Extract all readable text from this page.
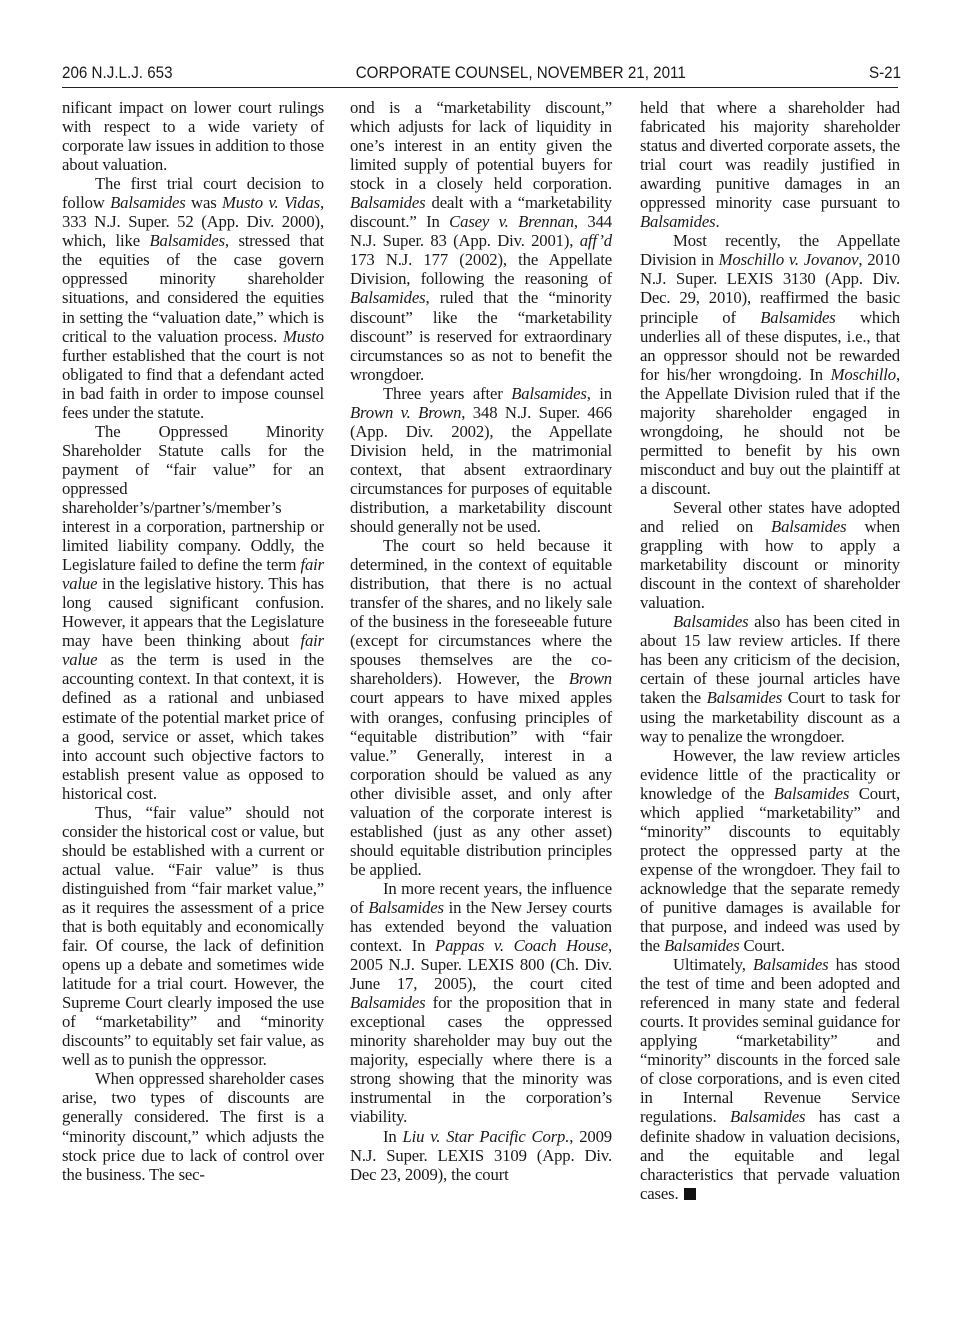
206 N.J.L.J. 653	CORPORATE COUNSEL, NOVEMBER 21, 2011	S-21

nificant impact on lower court rulings with respect to a wide variety of corporate law issues in addition to those about valuation.

The first trial court decision to follow Balsamides was Musto v. Vidas, 333 N.J. Super. 52 (App. Div. 2000), which, like Balsamides, stressed that the equities of the case govern oppressed minority shareholder situations, and considered the equities in setting the “valuation date,” which is critical to the valuation process. Musto further established that the court is not obligated to find that a defendant acted in bad faith in order to impose counsel fees under the statute.

The Oppressed Minority Shareholder Statute calls for the payment of “fair value” for an oppressed shareholder’s/partner’s/member’s interest in a corporation, partnership or limited liability company. Oddly, the Legislature failed to define the term fair value in the legislative history. This has long caused significant confusion. However, it appears that the Legislature may have been thinking about fair value as the term is used in the accounting context. In that context, it is defined as a rational and unbiased estimate of the potential market price of a good, service or asset, which takes into account such objective factors to establish present value as opposed to historical cost.

Thus, “fair value” should not consider the historical cost or value, but should be established with a current or actual value. “Fair value” is thus distinguished from “fair market value,” as it requires the assessment of a price that is both equitably and economically fair. Of course, the lack of definition opens up a debate and sometimes wide latitude for a trial court. However, the Supreme Court clearly imposed the use of “marketability” and “minority discounts” to equitably set fair value, as well as to punish the oppressor.

When oppressed shareholder cases arise, two types of discounts are generally considered. The first is a “minority discount,” which adjusts the stock price due to lack of control over the business. The sec-

ond is a “marketability discount,” which adjusts for lack of liquidity in one’s interest in an entity given the limited supply of potential buyers for stock in a closely held corporation. Balsamides dealt with a “marketability discount.” In Casey v. Brennan, 344 N.J. Super. 83 (App. Div. 2001), aff’d 173 N.J. 177 (2002), the Appellate Division, following the reasoning of Balsamides, ruled that the “minority discount” like the “marketability discount” is reserved for extraordinary circumstances so as not to benefit the wrongdoer.

Three years after Balsamides, in Brown v. Brown, 348 N.J. Super. 466 (App. Div. 2002), the Appellate Division held, in the matrimonial context, that absent extraordinary circumstances for purposes of equitable distribution, a marketability discount should generally not be used.

The court so held because it determined, in the context of equitable distribution, that there is no actual transfer of the shares, and no likely sale of the business in the foreseeable future (except for circumstances where the spouses themselves are the co-shareholders). However, the Brown court appears to have mixed apples with oranges, confusing principles of “equitable distribution” with “fair value.” Generally, interest in a corporation should be valued as any other divisible asset, and only after valuation of the corporate interest is established (just as any other asset) should equitable distribution principles be applied.

In more recent years, the influence of Balsamides in the New Jersey courts has extended beyond the valuation context. In Pappas v. Coach House, 2005 N.J. Super. LEXIS 800 (Ch. Div. June 17, 2005), the court cited Balsamides for the proposition that in exceptional cases the oppressed minority shareholder may buy out the majority, especially where there is a strong showing that the minority was instrumental in the corporation’s viability.

In Liu v. Star Pacific Corp., 2009 N.J. Super. LEXIS 3109 (App. Div. Dec 23, 2009), the court

held that where a shareholder had fabricated his majority shareholder status and diverted corporate assets, the trial court was readily justified in awarding punitive damages in an oppressed minority case pursuant to Balsamides.

Most recently, the Appellate Division in Moschillo v. Jovanov, 2010 N.J. Super. LEXIS 3130 (App. Div. Dec. 29, 2010), reaffirmed the basic principle of Balsamides which underlies all of these disputes, i.e., that an oppressor should not be rewarded for his/her wrongdoing. In Moschillo, the Appellate Division ruled that if the majority shareholder engaged in wrongdoing, he should not be permitted to benefit by his own misconduct and buy out the plaintiff at a discount.

Several other states have adopted and relied on Balsamides when grappling with how to apply a marketability discount or minority discount in the context of shareholder valuation.

Balsamides also has been cited in about 15 law review articles. If there has been any criticism of the decision, certain of these journal articles have taken the Balsamides Court to task for using the marketability discount as a way to penalize the wrongdoer.

However, the law review articles evidence little of the practicality or knowledge of the Balsamides Court, which applied “marketability” and “minority” discounts to equitably protect the oppressed party at the expense of the wrongdoer. They fail to acknowledge that the separate remedy of punitive damages is available for that purpose, and indeed was used by the Balsamides Court.

Ultimately, Balsamides has stood the test of time and been adopted and referenced in many state and federal courts. It provides seminal guidance for applying “marketability” and “minority” discounts in the forced sale of close corporations, and is even cited in Internal Revenue Service regulations. Balsamides has cast a definite shadow in valuation decisions, and the equitable and legal characteristics that pervade valuation cases.
